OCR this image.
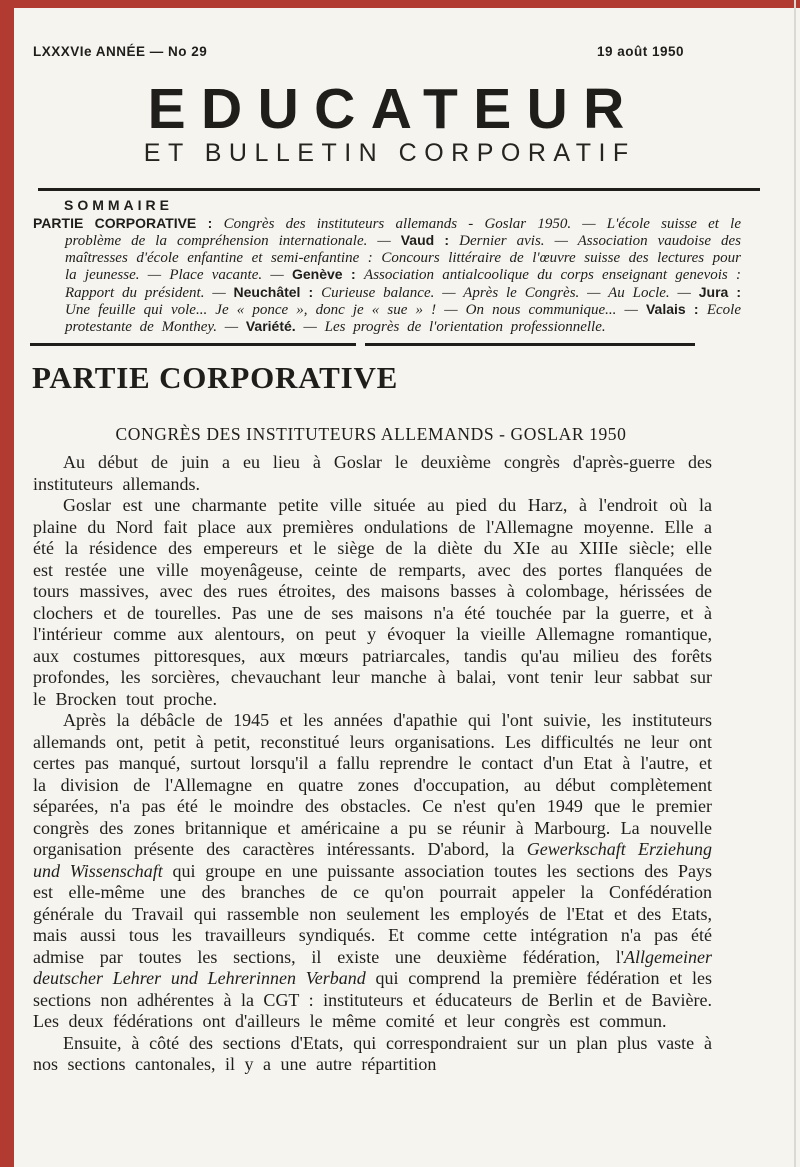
LXXXVIe ANNÉE — No 29	19 août 1950
EDUCATEUR
ET BULLETIN CORPORATIF
SOMMAIRE
PARTIE CORPORATIVE : Congrès des instituteurs allemands - Goslar 1950. — L'école suisse et le problème de la compréhension internationale. — Vaud : Dernier avis. — Association vaudoise des maîtresses d'école enfantine et semi-enfantine : Concours littéraire de l'œuvre suisse des lectures pour la jeunesse. — Place vacante. — Genève : Association antialcoolique du corps enseignant genevois : Rapport du président. — Neuchâtel : Curieuse balance. — Après le Congrès. — Au Locle. — Jura : Une feuille qui vole... Je « ponce », donc je « sue » ! — On nous communique... — Valais : Ecole protestante de Monthey. — Variété. — Les progrès de l'orientation professionnelle.
PARTIE CORPORATIVE
CONGRÈS DES INSTITUTEURS ALLEMANDS - GOSLAR 1950

Au début de juin a eu lieu à Goslar le deuxième congrès d'après-guerre des instituteurs allemands.

Goslar est une charmante petite ville située au pied du Harz, à l'endroit où la plaine du Nord fait place aux premières ondulations de l'Allemagne moyenne. Elle a été la résidence des empereurs et le siège de la diète du XIe au XIIIe siècle; elle est restée une ville moyenâgeuse, ceinte de remparts, avec des portes flanquées de tours massives, avec des rues étroites, des maisons basses à colombage, hérissées de clochers et de tourelles. Pas une de ses maisons n'a été touchée par la guerre, et à l'intérieur comme aux alentours, on peut y évoquer la vieille Allemagne romantique, aux costumes pittoresques, aux mœurs patriarcales, tandis qu'au milieu des forêts profondes, les sorcières, chevauchant leur manche à balai, vont tenir leur sabbat sur le Brocken tout proche.

Après la débâcle de 1945 et les années d'apathie qui l'ont suivie, les instituteurs allemands ont, petit à petit, reconstitué leurs organisations. Les difficultés ne leur ont certes pas manqué, surtout lorsqu'il a fallu reprendre le contact d'un Etat à l'autre, et la division de l'Allemagne en quatre zones d'occupation, au début complètement séparées, n'a pas été le moindre des obstacles. Ce n'est qu'en 1949 que le premier congrès des zones britannique et américaine a pu se réunir à Marbourg. La nouvelle organisation présente des caractères intéressants. D'abord, la Gewerkschaft Erziehung und Wissenschaft qui groupe en une puissante association toutes les sections des Pays est elle-même une des branches de ce qu'on pourrait appeler la Confédération générale du Travail qui rassemble non seulement les employés de l'Etat et des Etats, mais aussi tous les travailleurs syndiqués. Et comme cette intégration n'a pas été admise par toutes les sections, il existe une deuxième fédération, l'Allgemeiner deutscher Lehrer und Lehrerinnen Verband qui comprend la première fédération et les sections non adhérentes à la CGT : instituteurs et éducateurs de Berlin et de Bavière. Les deux fédérations ont d'ailleurs le même comité et leur congrès est commun.

Ensuite, à côté des sections d'Etats, qui correspondraient sur un plan plus vaste à nos sections cantonales, il y a une autre répartition
